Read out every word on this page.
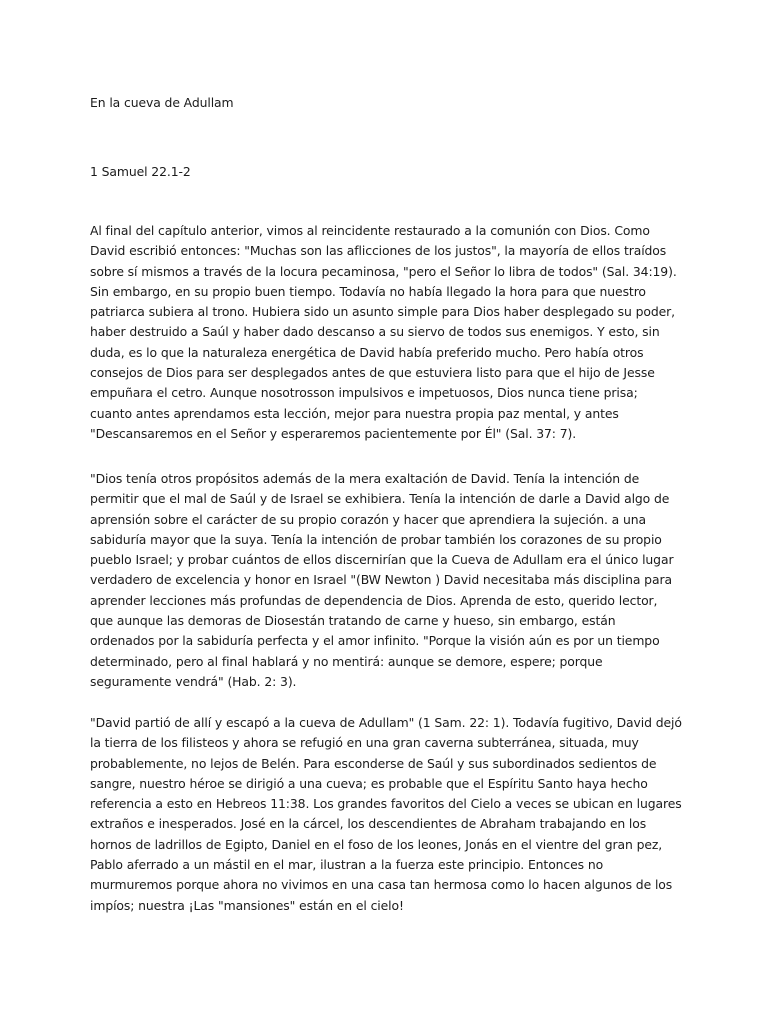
En la cueva de Adullam

1 Samuel 22.1-2

Al final del capítulo anterior, vimos al reincidente restaurado a la comunión con Dios. Como David escribió entonces: "Muchas son las aflicciones de los justos", la mayoría de ellos traídos sobre sí mismos a través de la locura pecaminosa, "pero el Señor lo libra de todos" (Sal. 34:19). Sin embargo, en su propio buen tiempo. Todavía no había llegado la hora para que nuestro patriarca subiera al trono. Hubiera sido un asunto simple para Dios haber desplegado su poder, haber destruido a Saúl y haber dado descanso a su siervo de todos sus enemigos. Y esto, sin duda, es lo que la naturaleza energética de David había preferido mucho. Pero había otros consejos de Dios para ser desplegados antes de que estuviera listo para que el hijo de Jesse empuñara el cetro. Aunque nosotrosson impulsivos e impetuosos, Dios nunca tiene prisa; cuanto antes aprendamos esta lección, mejor para nuestra propia paz mental, y antes "Descansaremos en el Señor y esperaremos pacientemente por Él" (Sal. 37: 7).

"Dios tenía otros propósitos además de la mera exaltación de David. Tenía la intención de permitir que el mal de Saúl y de Israel se exhibiera. Tenía la intención de darle a David algo de aprensión sobre el carácter de su propio corazón y hacer que aprendiera la sujeción. a una sabiduría mayor que la suya. Tenía la intención de probar también los corazones de su propio pueblo Israel; y probar cuántos de ellos discernirían que la Cueva de Adullam era el único lugar verdadero de excelencia y honor en Israel "(BW Newton ) David necesitaba más disciplina para aprender lecciones más profundas de dependencia de Dios. Aprenda de esto, querido lector, que aunque las demoras de Diosestán tratando de carne y hueso, sin embargo, están ordenados por la sabiduría perfecta y el amor infinito. "Porque la visión aún es por un tiempo determinado, pero al final hablará y no mentirá: aunque se demore, espere; porque seguramente vendrá" (Hab. 2: 3).

"David partió de allí y escapó a la cueva de Adullam" (1 Sam. 22: 1). Todavía fugitivo, David dejó la tierra de los filisteos y ahora se refugió en una gran caverna subterránea, situada, muy probablemente, no lejos de Belén. Para esconderse de Saúl y sus subordinados sedientos de sangre, nuestro héroe se dirigió a una cueva; es probable que el Espíritu Santo haya hecho referencia a esto en Hebreos 11:38. Los grandes favoritos del Cielo a veces se ubican en lugares extraños e inesperados. José en la cárcel, los descendientes de Abraham trabajando en los hornos de ladrillos de Egipto, Daniel en el foso de los leones, Jonás en el vientre del gran pez, Pablo aferrado a un mástil en el mar, ilustran a la fuerza este principio. Entonces no murmuremos porque ahora no vivimos en una casa tan hermosa como lo hacen algunos de los impíos; nuestra ¡Las "mansiones" están en el cielo!
